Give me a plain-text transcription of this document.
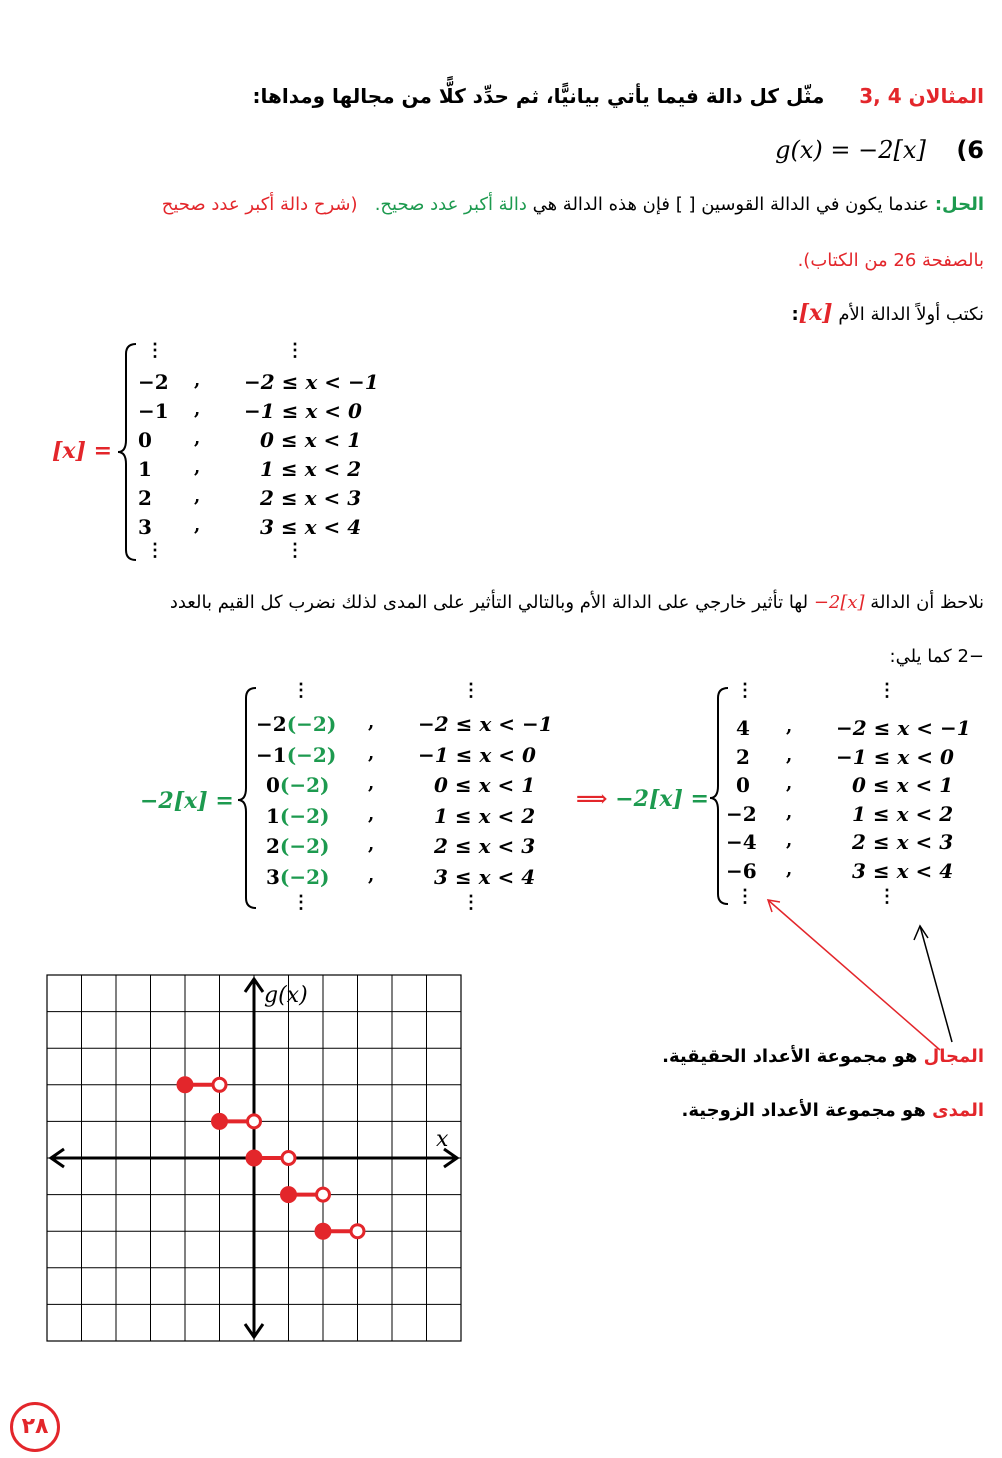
المثالان 4 ,3     مثّل كل دالة فيما يأتي بيانيًّا، ثم حدِّد كلًّا من مجالها ومداها:
g(x) = −2[x] (6
الحل: عندما يكون في الدالة القوسين [ ] فإن هذه الدالة هي دالة أكبر عدد صحيح.   (شرح دالة أكبر عدد صحيح
بالصفحة 26 من الكتاب).
نكتب أولاً الدالة الأم [x]:
[x] =
⋮	⋮
−2 , −2 ≤ x < −1
−1 , −1 ≤ x < 0
0 ,	0 ≤ x < 1
1 ,	1 ≤ x < 2
2 ,	2 ≤ x < 3
3 ,	3 ≤ x < 4
⋮	⋮
نلاحظ أن الدالة −2[x] لها تأثير خارجي على الدالة الأم وبالتالي التأثير على المدى لذلك نضرب كل القيم بالعدد
−2 كما يلي:
−2[x] =
⋮	⋮
−2(−2) , −2 ≤ x < −1
−1(−2) , −1 ≤ x < 0
0(−2) ,	0 ≤ x < 1
1(−2) ,	1 ≤ x < 2
2(−2) ,	2 ≤ x < 3
3(−2) ,	3 ≤ x < 4
⋮	⋮
⟹ −2[x] =
⋮	⋮
4 , −2 ≤ x < −1
2 , −1 ≤ x < 0
0 ,	0 ≤ x < 1
−2 ,	1 ≤ x < 2
−4 ,	2 ≤ x < 3
−6 ,	3 ≤ x < 4
⋮	⋮
المجال هو مجموعة الأعداد الحقيقية.
المدى هو مجموعة الأعداد الزوجية.
g(x)
x
٢٨
